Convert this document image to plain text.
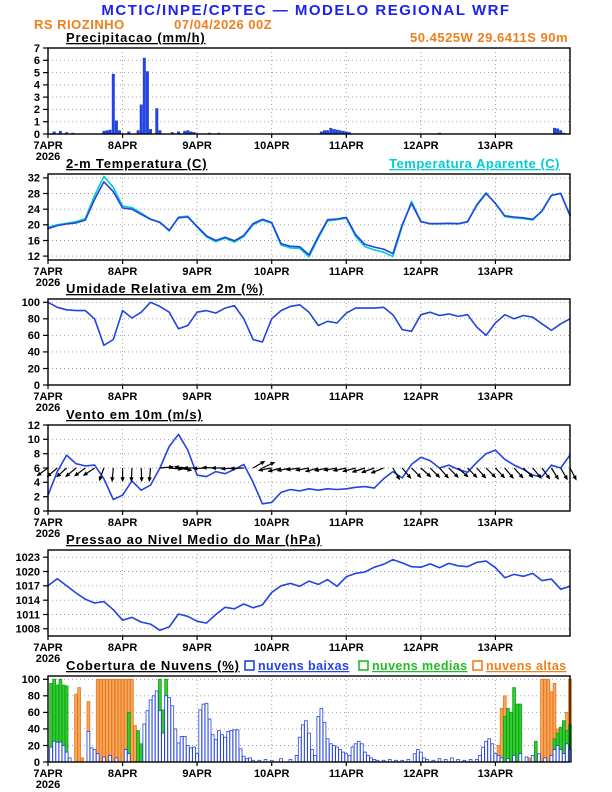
MCTIC/INPE/CPTEC — MODELO REGIONAL WRF
RS RIOZINHO	07/04/2026 00Z
0
1
2
3
4
5
6
7
7APR
2026
8APR	9APR	10APR	11APR	12APR	13APR
Precipitacao (mm/h)	50.4525W 29.6411S 90m
12
16
20
24
28
32
7APR
2026
8APR	9APR	10APR	11APR	12APR	13APR
2-m Temperatura (C)	Temperatura Aparente (C)
0
20
40
60
80
100
7APR
2026
8APR	9APR	10APR	11APR	12APR	13APR
Umidade Relativa em 2m (%)
0
2
4
6
8
10
12
7APR
2026
8APR	9APR	10APR	11APR	12APR	13APR
Vento em 10m (m/s)
1008
1011
1014
1017
1020
1023
7APR
2026
8APR	9APR	10APR	11APR	12APR	13APR
Pressao ao Nivel Medio do Mar (hPa)
0
20
40
60
80
100
7APR
2026
8APR	9APR	10APR	11APR	12APR	13APR
Cobertura de Nuvens (%) nuvens baixas nuvens medias nuvens altas
